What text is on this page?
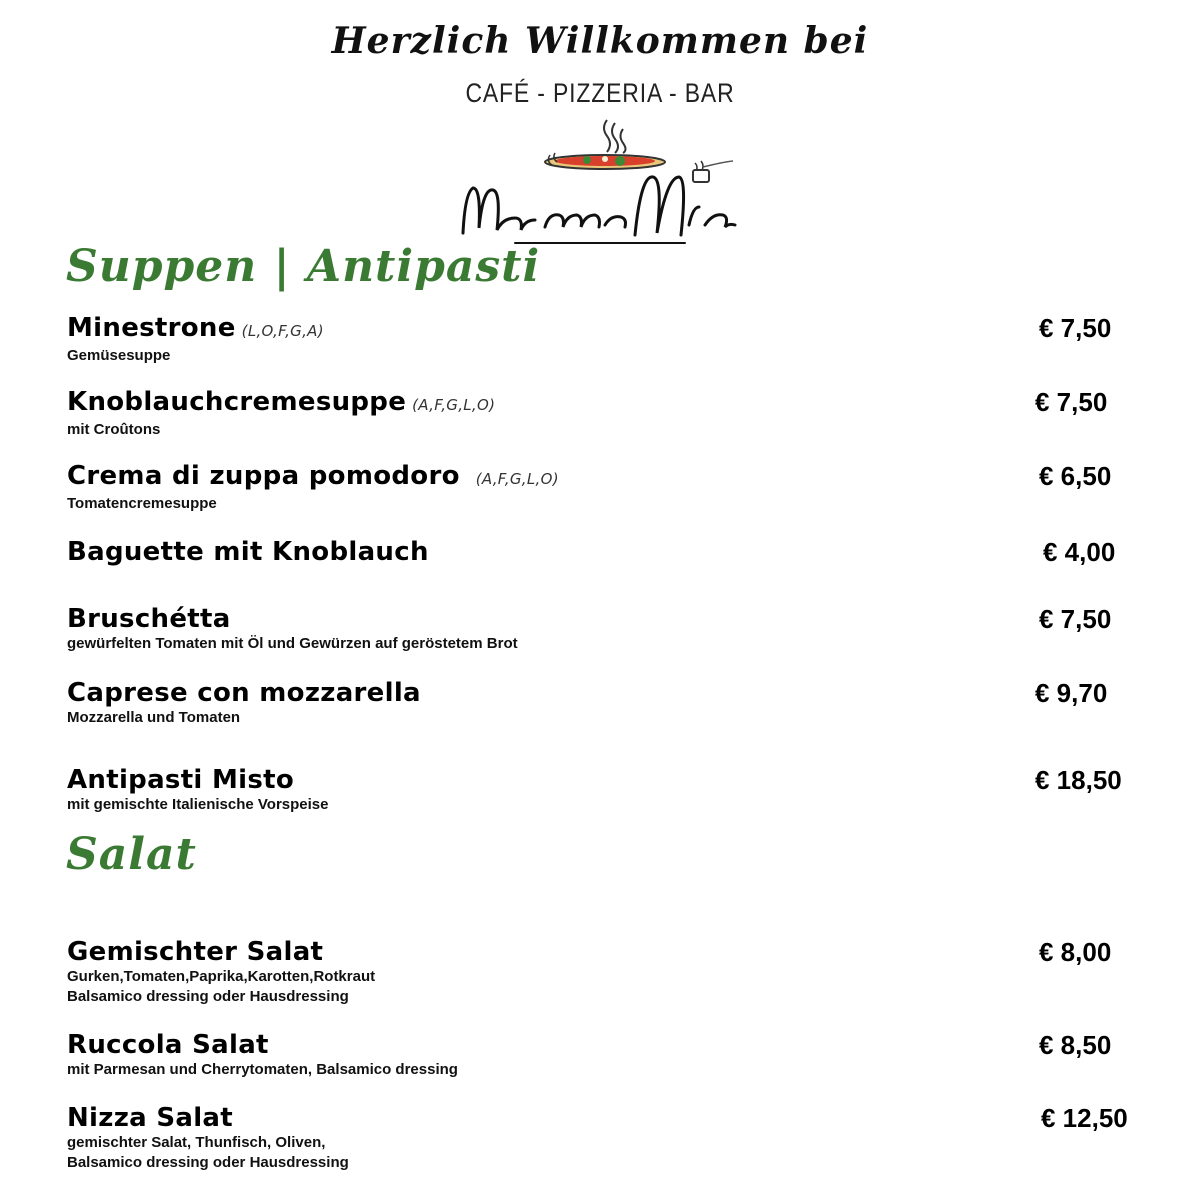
Herzlich Willkommen bei
CAFÉ - PIZZERIA - BAR
Suppen | Antipasti
Minestrone (L,O,F,G,A)
Gemüsesuppe
€ 7,50
Knoblauchcremesuppe (A,F,G,L,O)
mit Croûtons
€ 7,50
Crema di zuppa pomodoro (A,F,G,L,O)
Tomatencremesuppe
€ 6,50
Baguette mit Knoblauch	€ 4,00
Bruschétta
gewürfelten Tomaten mit Öl und Gewürzen auf geröstetem Brot
€ 7,50
Caprese con mozzarella
Mozzarella und Tomaten
€ 9,70
Antipasti Misto
mit gemischte Italienische Vorspeise
€ 18,50
Salat
Gemischter Salat
Gurken,Tomaten,Paprika,Karotten,Rotkraut
Balsamico dressing oder Hausdressing
€ 8,00
Ruccola Salat
mit Parmesan und Cherrytomaten, Balsamico dressing
€ 8,50
Nizza Salat
gemischter Salat, Thunfisch, Oliven,
Balsamico dressing oder Hausdressing
€ 12,50
